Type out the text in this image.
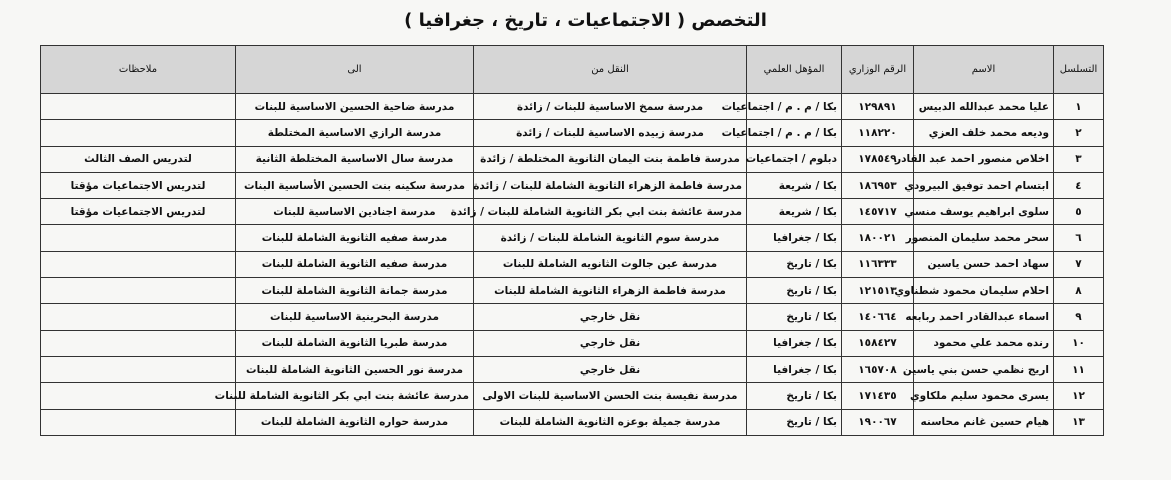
التخصص ( الاجتماعيات ، تاريخ ، جغرافيا )
التسلسل	الاسم	الرقم الوزاري	المؤهل العلمي	النقل من	الى	ملاحظات
١	عليا محمد عبدالله الدبيس	١٢٩٨٩١	بكا / م . م / اجتماعيات	مدرسة سمخ الاساسية للبنات / زائدة	مدرسة ضاحية الحسين الاساسية للبنات	
٢	وديعه محمد خلف العزي	١١٨٢٢٠	بكا / م . م / اجتماعيات	مدرسة زبيده الاساسية للبنات / زائدة	مدرسة الرازي الاساسية المختلطة	
٣	اخلاص منصور احمد عبد القادر	١٧٨٥٤٩	دبلوم / اجتماعيات	مدرسة فاطمة بنت اليمان الثانوية المختلطة / زائدة	مدرسة سال الاساسية المختلطة الثانية	لتدريس الصف الثالث
٤	ابتسام احمد توفيق البيرودي	١٨٦٩٥٣	بكا / شريعة	مدرسة فاطمة الزهراء الثانوية الشاملة للبنات / زائدة	مدرسة سكينه بنت الحسين الأساسية البنات	لتدريس الاجتماعيات مؤقتا
٥	سلوى ابراهيم يوسف منسي	١٤٥٧١٧	بكا / شريعة	مدرسة عائشة بنت ابي بكر الثانوية الشاملة للبنات / زائدة	مدرسة اجنادين الاساسية للبنات	لتدريس الاجتماعيات مؤقتا
٦	سحر محمد سليمان المنصور	١٨٠٠٢١	بكا / جغرافيا	مدرسة سوم الثانوية الشاملة للبنات / زائدة	مدرسة صفيه الثانوية الشاملة للبنات	
٧	سهاد احمد حسن ياسين	١١٦٣٣٣	بكا / تاريخ	مدرسة عين جالوت الثانويه الشاملة للبنات	مدرسة صفيه الثانوية الشاملة للبنات	
٨	احلام سليمان محمود شطناوي	١٢١٥١٣	بكا / تاريخ	مدرسة فاطمة الزهراء الثانوية الشاملة للبنات	مدرسة جمانة الثانوية الشاملة للبنات	
٩	اسماء عبدالقادر احمد ربابعه	١٤٠٦٦٤	بكا / تاريخ	نقل خارجي	مدرسة البحرينية الاساسية للبنات	
١٠	رنده محمد علي محمود	١٥٨٤٢٧	بكا / جغرافيا	نقل خارجي	مدرسة طبريا الثانوية الشاملة للبنات	
١١	اريج نظمي حسن بني ياسين	١٦٥٧٠٨	بكا / جغرافيا	نقل خارجي	مدرسة نور الحسين الثانوية الشاملة للبنات	
١٢	يسرى محمود سليم ملكاوي	١٧١٤٣٥	بكا / تاريخ	مدرسة نفيسة بنت الحسن الاساسية للبنات الاولى	مدرسة عائشة بنت ابي بكر الثانوية الشاملة للبنات	
١٣	هيام حسين غانم محاسنه	١٩٠٠٦٧	بكا / تاريخ	مدرسة جميلة بوعزه الثانوية الشاملة للبنات	مدرسة حواره الثانوية الشاملة للبنات	
